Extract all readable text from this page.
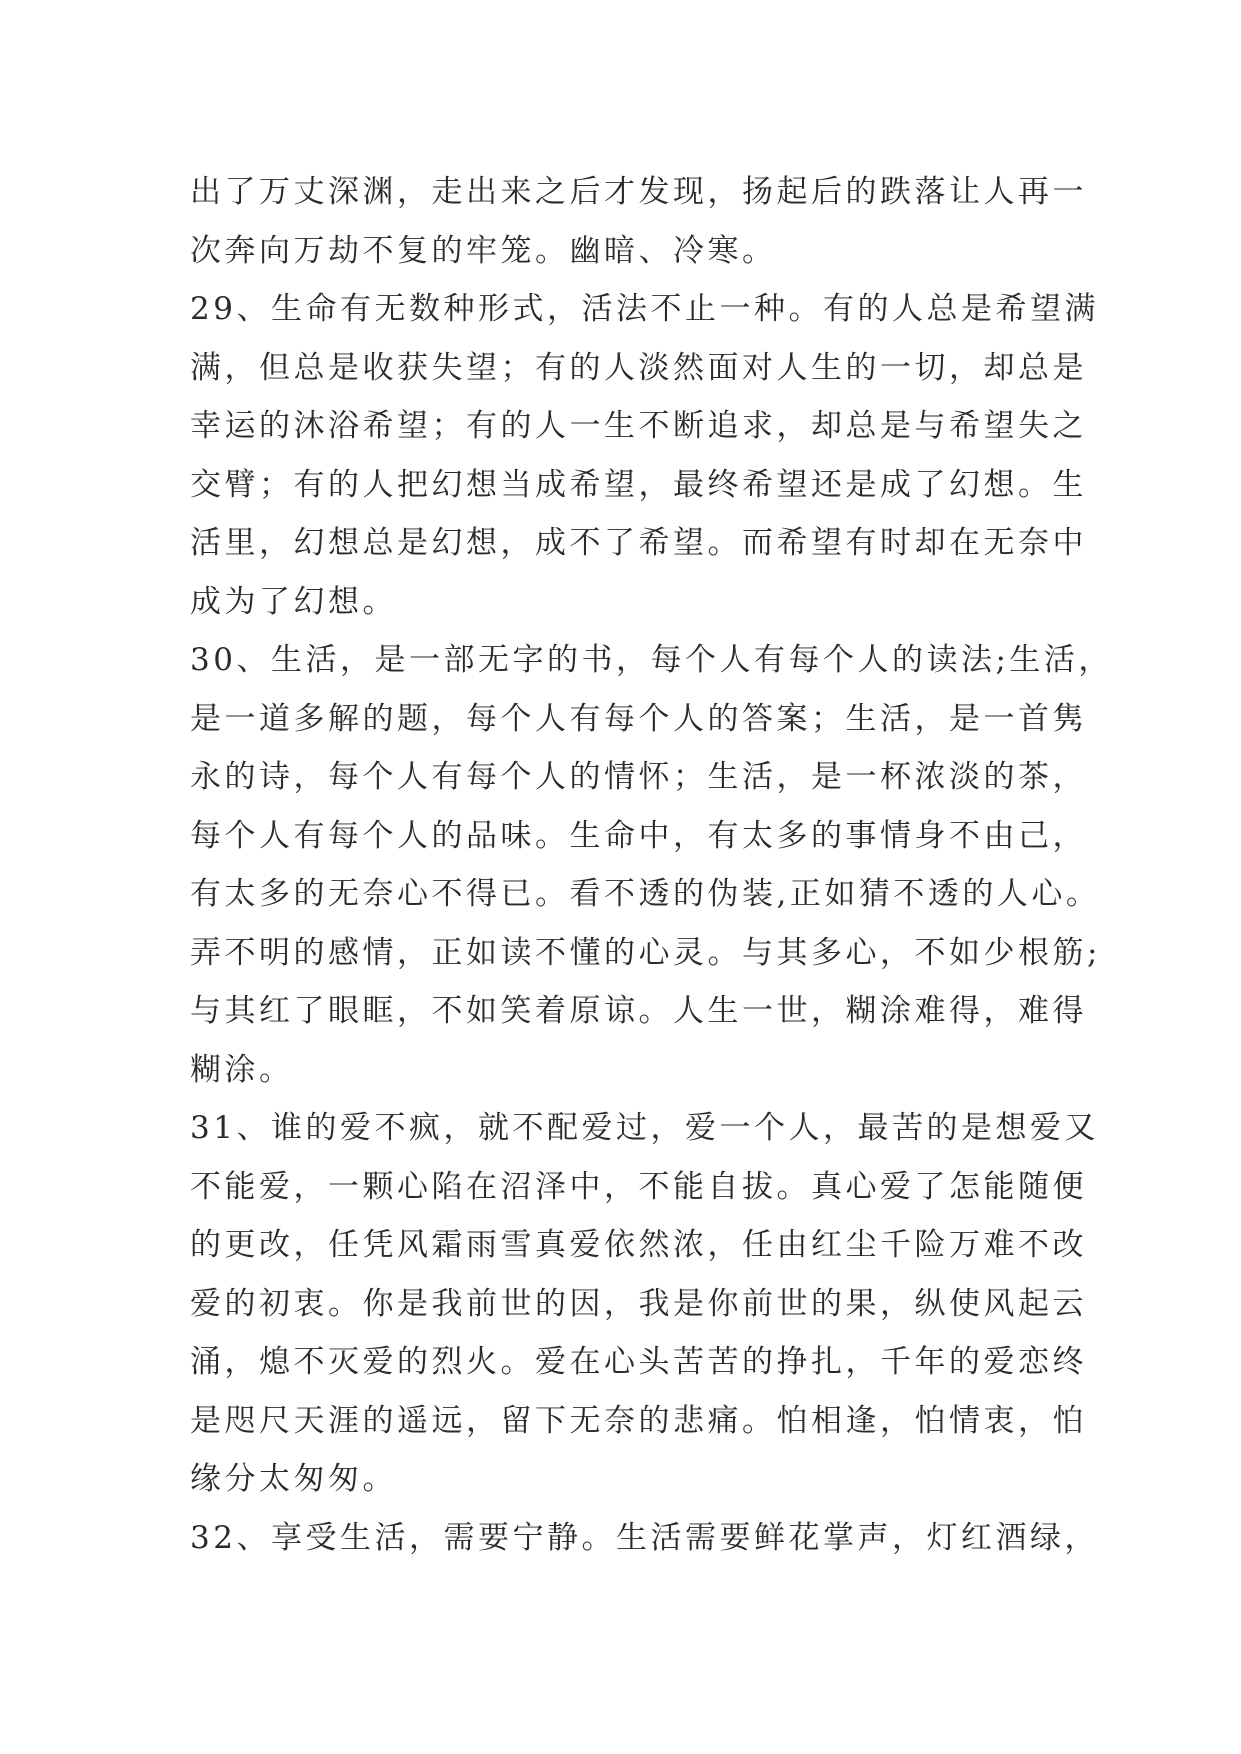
出了万丈深渊，走出来之后才发现，扬起后的跌落让人再一
次奔向万劫不复的牢笼。幽暗、冷寒。
29、生命有无数种形式，活法不止一种。有的人总是希望满
满，但总是收获失望；有的人淡然面对人生的一切，却总是
幸运的沐浴希望；有的人一生不断追求，却总是与希望失之
交臂；有的人把幻想当成希望，最终希望还是成了幻想。生
活里，幻想总是幻想，成不了希望。而希望有时却在无奈中
成为了幻想。
30、生活，是一部无字的书，每个人有每个人的读法;生活，
是一道多解的题，每个人有每个人的答案；生活，是一首隽
永的诗，每个人有每个人的情怀；生活，是一杯浓淡的茶，
每个人有每个人的品味。生命中，有太多的事情身不由己，
有太多的无奈心不得已。看不透的伪装,正如猜不透的人心。
弄不明的感情，正如读不懂的心灵。与其多心，不如少根筋;
与其红了眼眶，不如笑着原谅。人生一世，糊涂难得，难得
糊涂。
31、谁的爱不疯，就不配爱过，爱一个人，最苦的是想爱又
不能爱，一颗心陷在沼泽中，不能自拔。真心爱了怎能随便
的更改，任凭风霜雨雪真爱依然浓，任由红尘千险万难不改
爱的初衷。你是我前世的因，我是你前世的果，纵使风起云
涌，熄不灭爱的烈火。爱在心头苦苦的挣扎，千年的爱恋终
是咫尺天涯的遥远，留下无奈的悲痛。怕相逢，怕情衷，怕
缘分太匆匆。
32、享受生活，需要宁静。生活需要鲜花掌声，灯红酒绿，
